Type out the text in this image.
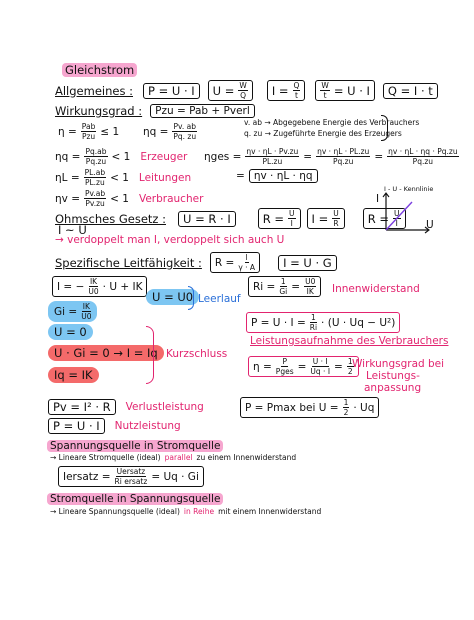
Gleichstrom
Allgemeines :	P = U · I	$U = \frac{W}{Q}$ $I = \frac{Q}{t}$	$\frac{W}{t} = U \cdot I$	Q = I · t
Wirkungsgrad :	Pzu = Pab + Pverl
η = Pab
Pzu ≤ 1 $\eta q = \frac{Pv. ab}{Pq. zu}$	v. ab → Abgegebene Energie des Verbrauchers
q. zu → Zugeführte Energie des Erzeugers
$\eta q = \frac{Pq.ab}{Pq.zu} < 1$ Erzeuger
$\eta L = \frac{PL.ab}{PL.zu} < 1$ Leitungen
$\eta v = \frac{Pv.ab}{Pv.zu} < 1$ Verbraucher
$\eta ges = \frac{\eta v \cdot \eta L \cdot Pv.zu}{PL.zu} = \frac{\eta v \cdot \eta L \cdot PL.zu}{Pq.zu} = \frac{\eta v \cdot \eta L \cdot \eta q \cdot Pq.zu}{Pq.zu}$
= ηv · ηL · ηq
Ohmsches Gesetz :	U = R · I	$R = \frac{U}{I}$ $I = \frac{U}{R}$ $R = \frac{U}{I}$
I ~ U
→ verdoppelt man I, verdoppelt sich auch U
I - U - Kennlinie
I
U
Spezifische Leitfähigkeit : $R = \frac{l}{\gamma \cdot A}$	I = U · G
I = − $\frac{IK}{U0} \cdot U$ + IK
$Gi = \frac{IK}{U0}$
U = U0 Leerlauf
$Ri = \frac{1}{Gi} = \frac{U0}{IK}$ Innenwiderstand
U = 0
U · Gi = 0 → I = Iq
Iq = IK
Kurzschluss
$P = U \cdot I = \frac{1}{Ri} \cdot (U \cdot Uq - U^2)$
Leistungsaufnahme des Verbrauchers
η = P
Pges = $\frac{U \cdot I}{Uq \cdot I} = \frac{1}{2}$
Wirkungsgrad bei
Leistungs-
anpassung
P = Pmax bei $U = \frac{1}{2} \cdot Uq$
Pv = I² · R	Verlustleistung
P = U · I	Nutzleistung
Spannungsquelle in Stromquelle
→ Lineare Stromquelle (ideal) parallel zu einem Innenwiderstand
Iersatz = Uersatz
Ri ersatz = Uq · Gi
Stromquelle in Spannungsquelle
→ Lineare Spannungsquelle (ideal) in Reihe mit einem Innenwiderstand
